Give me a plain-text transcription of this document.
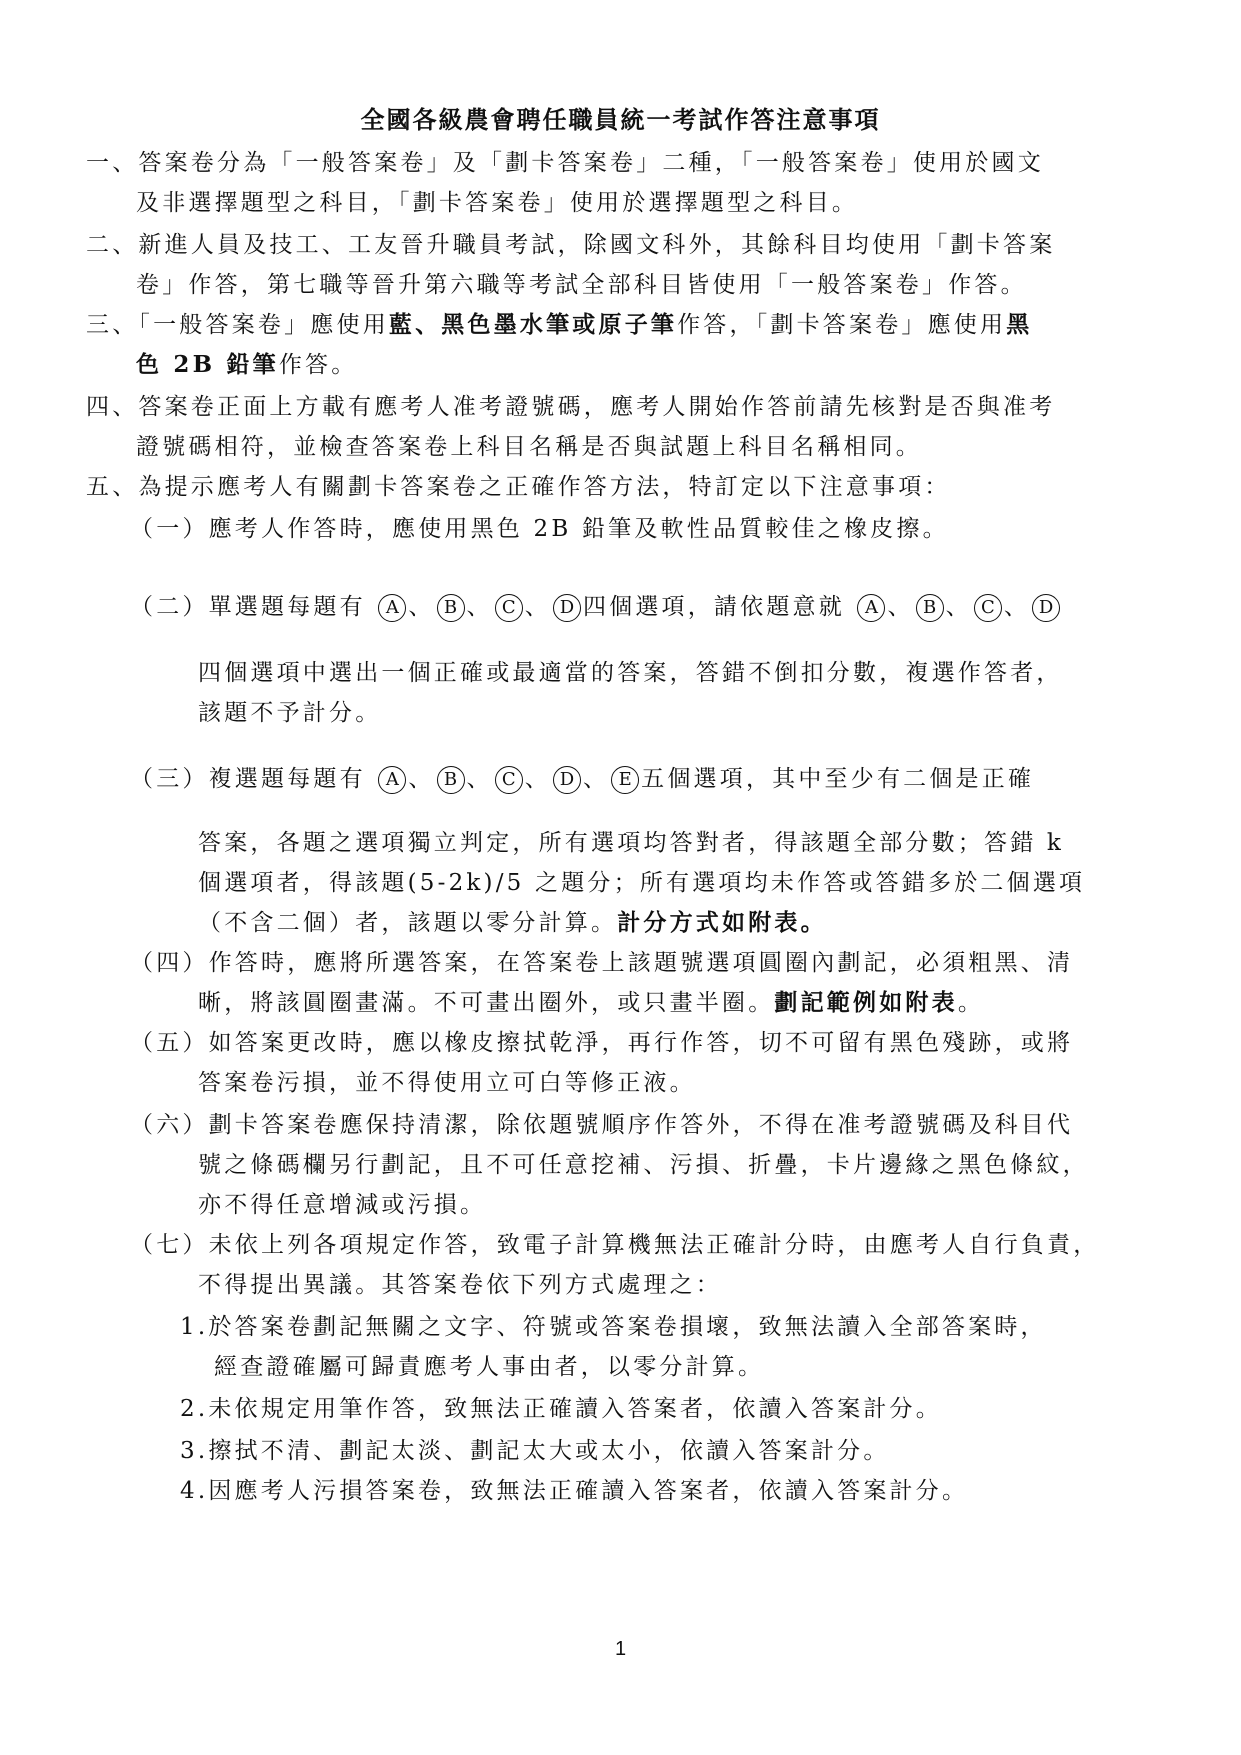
全國各級農會聘任職員統一考試作答注意事項
一、答案卷分為「一般答案卷」及「劃卡答案卷」二種，「一般答案卷」使用於國文
及非選擇題型之科目，「劃卡答案卷」使用於選擇題型之科目。
二、新進人員及技工、工友晉升職員考試，除國文科外，其餘科目均使用「劃卡答案
卷」作答，第七職等晉升第六職等考試全部科目皆使用「一般答案卷」作答。
三、「一般答案卷」應使用藍、黑色墨水筆或原子筆作答，「劃卡答案卷」應使用黑
色 2B 鉛筆作答。
四、答案卷正面上方載有應考人准考證號碼，應考人開始作答前請先核對是否與准考
證號碼相符，並檢查答案卷上科目名稱是否與試題上科目名稱相同。
五、為提示應考人有關劃卡答案卷之正確作答方法，特訂定以下注意事項：
（一）應考人作答時，應使用黑色 2B 鉛筆及軟性品質較佳之橡皮擦。
（二）單選題每題有 A 、 B 、 C 、 D 四個選項，請依題意就 A 、 B 、 C 、 D
四個選項中選出一個正確或最適當的答案，答錯不倒扣分數，複選作答者，
該題不予計分。
（三）複選題每題有 A 、 B 、 C 、 D 、 E 五個選項，其中至少有二個是正確
答案，各題之選項獨立判定，所有選項均答對者，得該題全部分數；答錯 k
個選項者，得該題(5-2k)/5 之題分；所有選項均未作答或答錯多於二個選項
（不含二個）者，該題以零分計算。計分方式如附表。
（四）作答時，應將所選答案，在答案卷上該題號選項圓圈內劃記，必須粗黑、清
晰，將該圓圈畫滿。不可畫出圈外，或只畫半圈。劃記範例如附表。
（五）如答案更改時，應以橡皮擦拭乾淨，再行作答，切不可留有黑色殘跡，或將
答案卷污損，並不得使用立可白等修正液。
（六）劃卡答案卷應保持清潔，除依題號順序作答外，不得在准考證號碼及科目代
號之條碼欄另行劃記，且不可任意挖補、污損、折疊，卡片邊緣之黑色條紋，
亦不得任意增減或污損。
（七）未依上列各項規定作答，致電子計算機無法正確計分時，由應考人自行負責，
不得提出異議。其答案卷依下列方式處理之：
1.於答案卷劃記無關之文字、符號或答案卷損壞，致無法讀入全部答案時，
經查證確屬可歸責應考人事由者，以零分計算。
2.未依規定用筆作答，致無法正確讀入答案者，依讀入答案計分。
3.擦拭不清、劃記太淡、劃記太大或太小，依讀入答案計分。
4.因應考人污損答案卷，致無法正確讀入答案者，依讀入答案計分。
1
